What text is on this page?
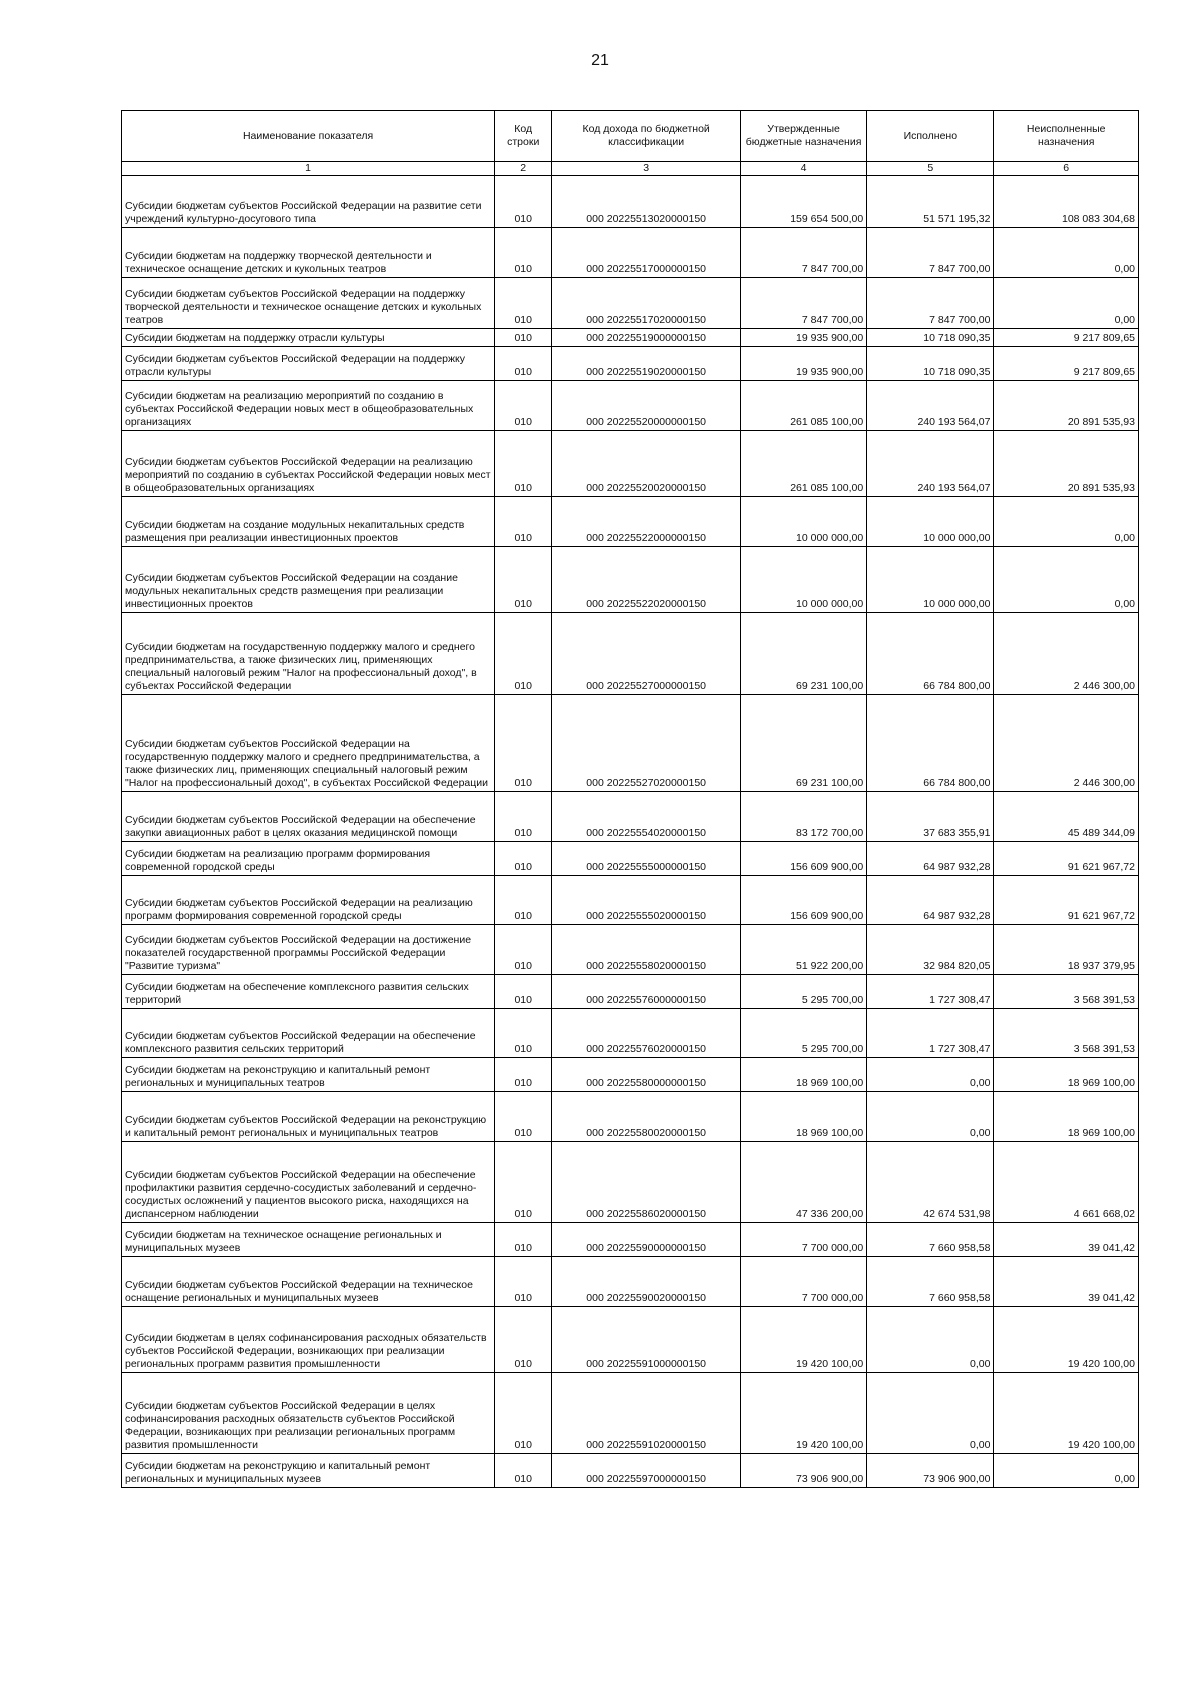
21
Наименование показателя	Код строки	Код дохода по бюджетной классификации	Утвержденные бюджетные назначения	Исполнено	Неисполненные назначения
1	2	3	4	5	6
Субсидии бюджетам субъектов Российской Федерации на развитие сети учреждений культурно-досугового типа	010	000 20225513020000150	159 654 500,00	51 571 195,32	108 083 304,68
Субсидии бюджетам на поддержку творческой деятельности и техническое оснащение детских и кукольных театров	010	000 20225517000000150	7 847 700,00	7 847 700,00	0,00
Субсидии бюджетам субъектов Российской Федерации на поддержку творческой деятельности и техническое оснащение детских и кукольных театров	010	000 20225517020000150	7 847 700,00	7 847 700,00	0,00
Субсидии бюджетам на поддержку отрасли культуры	010	000 20225519000000150	19 935 900,00	10 718 090,35	9 217 809,65
Субсидии бюджетам субъектов Российской Федерации на поддержку отрасли культуры	010	000 20225519020000150	19 935 900,00	10 718 090,35	9 217 809,65
Субсидии бюджетам на реализацию мероприятий по созданию в субъектах Российской Федерации новых мест в общеобразовательных организациях	010	000 20225520000000150	261 085 100,00	240 193 564,07	20 891 535,93
Субсидии бюджетам субъектов Российской Федерации на реализацию мероприятий по созданию в субъектах Российской Федерации новых мест в общеобразовательных организациях	010	000 20225520020000150	261 085 100,00	240 193 564,07	20 891 535,93
Субсидии бюджетам на создание модульных некапитальных средств размещения при реализации инвестиционных проектов	010	000 20225522000000150	10 000 000,00	10 000 000,00	0,00
Субсидии бюджетам субъектов Российской Федерации на создание модульных некапитальных средств размещения при реализации инвестиционных проектов	010	000 20225522020000150	10 000 000,00	10 000 000,00	0,00
Субсидии бюджетам на государственную поддержку малого и среднего предпринимательства, а также физических лиц, применяющих специальный налоговый режим "Налог на профессиональный доход", в субъектах Российской Федерации	010	000 20225527000000150	69 231 100,00	66 784 800,00	2 446 300,00
Субсидии бюджетам субъектов Российской Федерации на государственную поддержку малого и среднего предпринимательства, а также физических лиц, применяющих специальный налоговый режим "Налог на профессиональный доход", в субъектах Российской Федерации	010	000 20225527020000150	69 231 100,00	66 784 800,00	2 446 300,00
Субсидии бюджетам субъектов Российской Федерации на обеспечение закупки авиационных работ в целях оказания медицинской помощи	010	000 20225554020000150	83 172 700,00	37 683 355,91	45 489 344,09
Субсидии бюджетам на реализацию программ формирования современной городской среды	010	000 20225555000000150	156 609 900,00	64 987 932,28	91 621 967,72
Субсидии бюджетам субъектов Российской Федерации на реализацию программ формирования современной городской среды	010	000 20225555020000150	156 609 900,00	64 987 932,28	91 621 967,72
Субсидии бюджетам субъектов Российской Федерации на достижение показателей государственной программы Российской Федерации "Развитие туризма"	010	000 20225558020000150	51 922 200,00	32 984 820,05	18 937 379,95
Субсидии бюджетам на обеспечение комплексного развития сельских территорий	010	000 20225576000000150	5 295 700,00	1 727 308,47	3 568 391,53
Субсидии бюджетам субъектов Российской Федерации на обеспечение комплексного развития сельских территорий	010	000 20225576020000150	5 295 700,00	1 727 308,47	3 568 391,53
Субсидии бюджетам на реконструкцию и капитальный ремонт региональных и муниципальных театров	010	000 20225580000000150	18 969 100,00	0,00	18 969 100,00
Субсидии бюджетам субъектов Российской Федерации на реконструкцию и капитальный ремонт региональных и муниципальных театров	010	000 20225580020000150	18 969 100,00	0,00	18 969 100,00
Субсидии бюджетам субъектов Российской Федерации на обеспечение профилактики развития сердечно-сосудистых заболеваний и сердечно-сосудистых осложнений у пациентов высокого риска, находящихся на диспансерном наблюдении	010	000 20225586020000150	47 336 200,00	42 674 531,98	4 661 668,02
Субсидии бюджетам на техническое оснащение региональных и муниципальных музеев	010	000 20225590000000150	7 700 000,00	7 660 958,58	39 041,42
Субсидии бюджетам субъектов Российской Федерации на техническое оснащение региональных и муниципальных музеев	010	000 20225590020000150	7 700 000,00	7 660 958,58	39 041,42
Субсидии бюджетам в целях софинансирования расходных обязательств субъектов Российской Федерации, возникающих при реализации региональных программ развития промышленности	010	000 20225591000000150	19 420 100,00	0,00	19 420 100,00
Субсидии бюджетам субъектов Российской Федерации в целях софинансирования расходных обязательств субъектов Российской Федерации, возникающих при реализации региональных программ развития промышленности	010	000 20225591020000150	19 420 100,00	0,00	19 420 100,00
Субсидии бюджетам на реконструкцию и капитальный ремонт региональных и муниципальных музеев	010	000 20225597000000150	73 906 900,00	73 906 900,00	0,00
